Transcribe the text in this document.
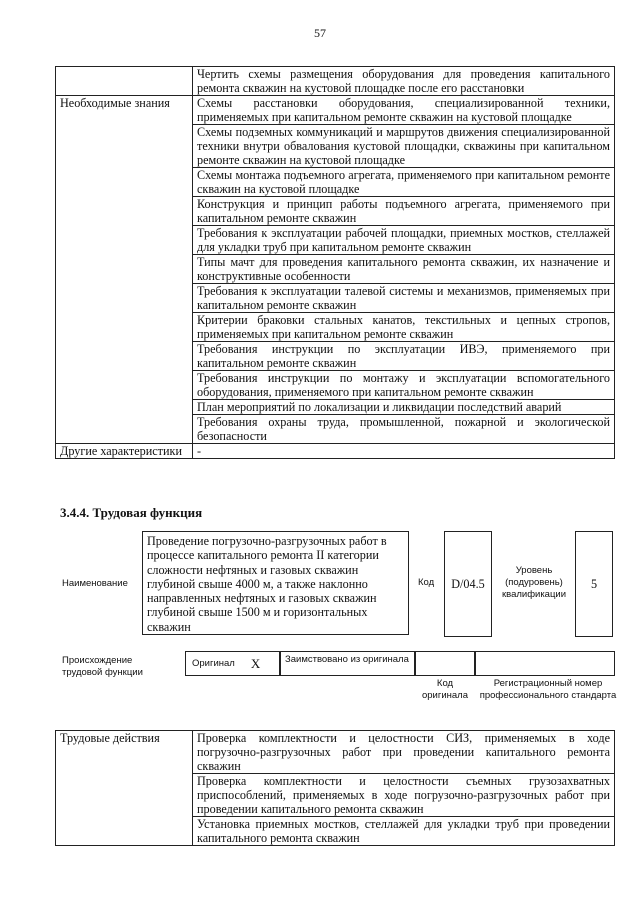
57
	Чертить схемы размещения оборудования для проведения капитального ремонта скважин на кустовой площадке после его расстановки
Необходимые знания	Схемы расстановки оборудования, специализированной техники, применяемых при капитальном ремонте скважин на кустовой площадке
	Схемы подземных коммуникаций и маршрутов движения специализированной техники внутри обвалования кустовой площадки, скважины при капитальном ремонте скважин на кустовой площадке
	Схемы монтажа подъемного агрегата, применяемого при капитальном ремонте скважин на кустовой площадке
	Конструкция и принцип работы подъемного агрегата, применяемого при капитальном ремонте скважин
	Требования к эксплуатации рабочей площадки, приемных мостков, стеллажей для укладки труб при капитальном ремонте скважин
	Типы мачт для проведения капитального ремонта скважин, их назначение и конструктивные особенности
	Требования к эксплуатации талевой системы и механизмов, применяемых при капитальном ремонте скважин
	Критерии браковки стальных канатов, текстильных и цепных стропов, применяемых при капитальном ремонте скважин
	Требования инструкции по эксплуатации ИВЭ, применяемого при капитальном ремонте скважин
	Требования инструкции по монтажу и эксплуатации вспомогательного оборудования, применяемого при капитальном ремонте скважин
	План мероприятий по локализации и ликвидации последствий аварий
	Требования охраны труда, промышленной, пожарной и экологической безопасности
Другие характеристики	-
3.4.4. Трудовая функция
Наименование
Проведение погрузочно-разгрузочных работ в процессе капитального ремонта II категории сложности нефтяных и газовых скважин глубиной свыше 4000 м, а также наклонно направленных нефтяных и газовых скважин глубиной свыше 1500 м и горизонтальных скважин
Код	D/04.5
Уровень (подуровень) квалификации
5
Происхождение трудовой функции
Оригинал X	Заимствовано из оригинала
Код оригинала
Регистрационный номер профессионального стандарта
Трудовые действия	Проверка комплектности и целостности СИЗ, применяемых в ходе погрузочно-разгрузочных работ при проведении капитального ремонта скважин
Проверка комплектности и целостности съемных грузозахватных приспособлений, применяемых в ходе погрузочно-разгрузочных работ при проведении капитального ремонта скважин
Установка приемных мостков, стеллажей для укладки труб при проведении капитального ремонта скважин
